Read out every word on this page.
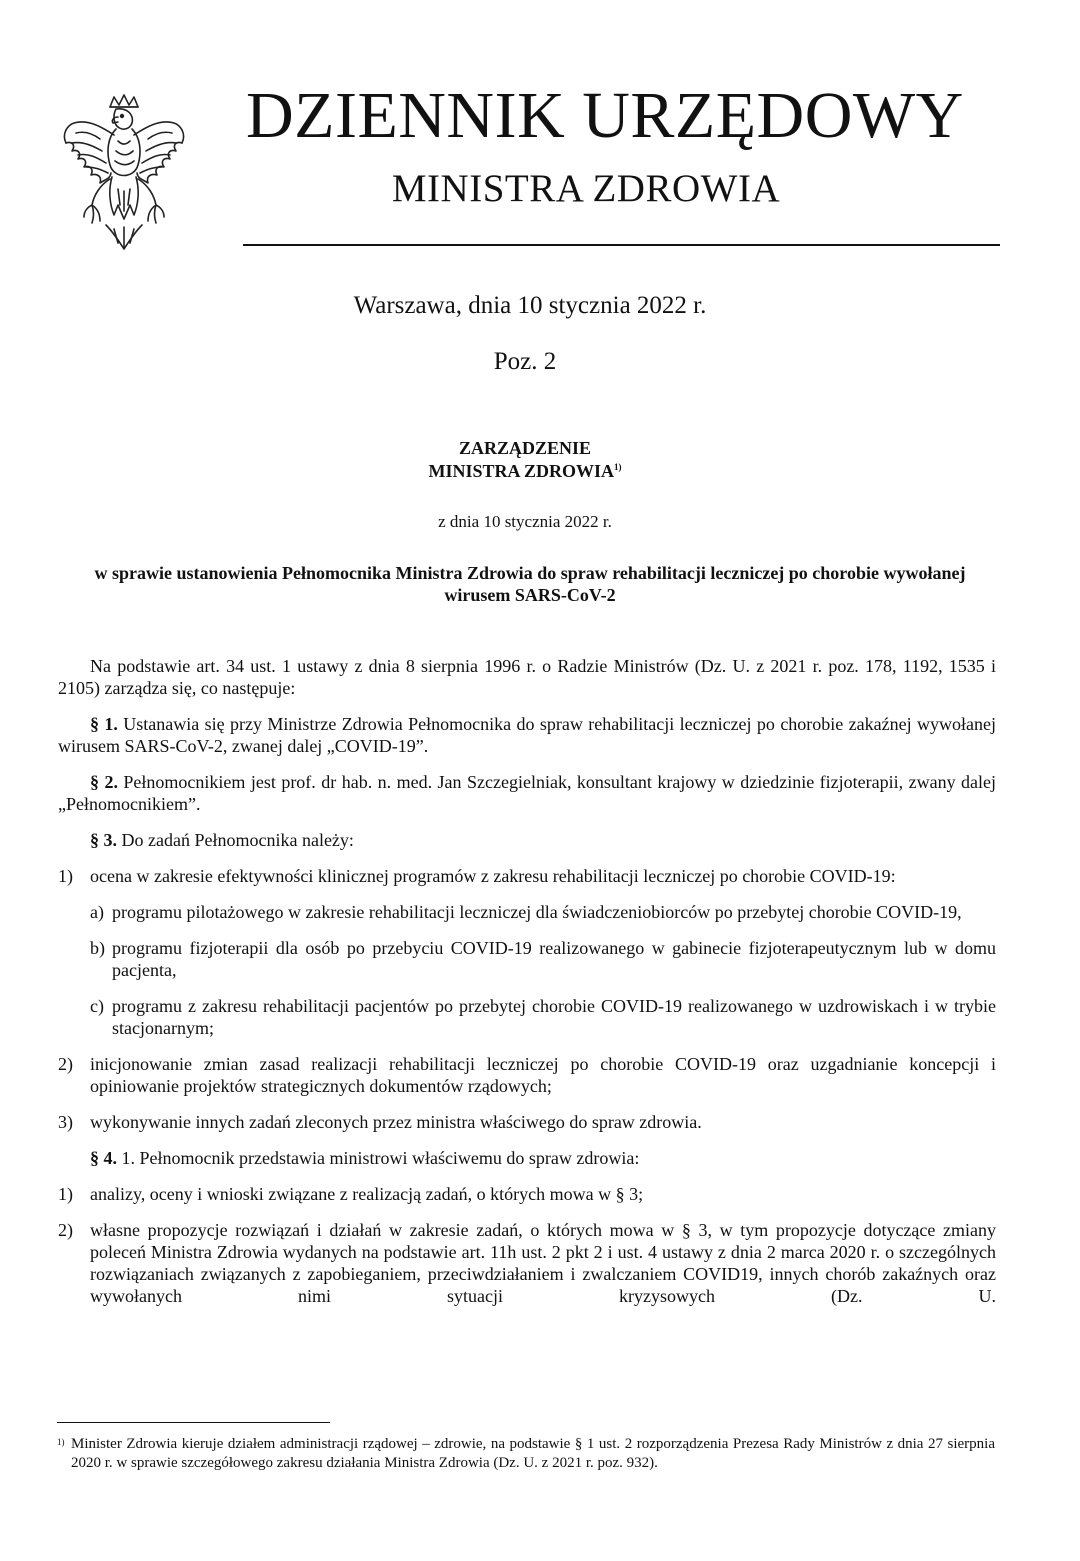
DZIENNIK URZĘDOWY
MINISTRA ZDROWIA
Warszawa, dnia 10 stycznia 2022 r.
Poz. 2
ZARZĄDZENIE
MINISTRA ZDROWIA$^{1)}$
z dnia 10 stycznia 2022 r.
w sprawie ustanowienia Pełnomocnika Ministra Zdrowia do spraw rehabilitacji leczniczej po chorobie wywołanej wirusem SARS-CoV-2

Na podstawie art. 34 ust. 1 ustawy z dnia 8 sierpnia 1996 r. o Radzie Ministrów (Dz. U. z 2021 r. poz. 178, 1192, 1535 i 2105) zarządza się, co następuje:

§ 1. Ustanawia się przy Ministrze Zdrowia Pełnomocnika do spraw rehabilitacji leczniczej po chorobie zakaźnej wywołanej wirusem SARS-CoV-2, zwanej dalej „COVID-19”.

§ 2. Pełnomocnikiem jest prof. dr hab. n. med. Jan Szczegielniak, konsultant krajowy w dziedzinie fizjoterapii, zwany dalej „Pełnomocnikiem”.

§ 3. Do zadań Pełnomocnika należy:

1) ocena w zakresie efektywności klinicznej programów z zakresu rehabilitacji leczniczej po chorobie COVID-19:
a) programu pilotażowego w zakresie rehabilitacji leczniczej dla świadczeniobiorców po przebytej chorobie COVID-19,
b) programu fizjoterapii dla osób po przebyciu COVID-19 realizowanego w gabinecie fizjoterapeutycznym lub w domu pacjenta,
c) programu z zakresu rehabilitacji pacjentów po przebytej chorobie COVID-19 realizowanego w uzdrowiskach i w trybie stacjonarnym;
2) inicjonowanie zmian zasad realizacji rehabilitacji leczniczej po chorobie COVID-19 oraz uzgadnianie koncepcji i opiniowanie projektów strategicznych dokumentów rządowych;
3) wykonywanie innych zadań zleconych przez ministra właściwego do spraw zdrowia.

§ 4. 1. Pełnomocnik przedstawia ministrowi właściwemu do spraw zdrowia:

1) analizy, oceny i wnioski związane z realizacją zadań, o których mowa w § 3;
2) własne propozycje rozwiązań i działań w zakresie zadań, o których mowa w § 3, w tym propozycje dotyczące zmiany poleceń Ministra Zdrowia wydanych na podstawie art. 11h ust. 2 pkt 2 i ust. 4 ustawy z dnia 2 marca 2020 r. o szczególnych rozwiązaniach związanych z zapobieganiem, przeciwdziałaniem i zwalczaniem COVID19, innych chorób zakaźnych oraz wywołanych nimi sytuacji kryzysowych (Dz. U.
1) Minister Zdrowia kieruje działem administracji rządowej – zdrowie, na podstawie § 1 ust. 2 rozporządzenia Prezesa Rady Ministrów z dnia 27 sierpnia 2020 r. w sprawie szczegółowego zakresu działania Ministra Zdrowia (Dz. U. z 2021 r. poz. 932).
